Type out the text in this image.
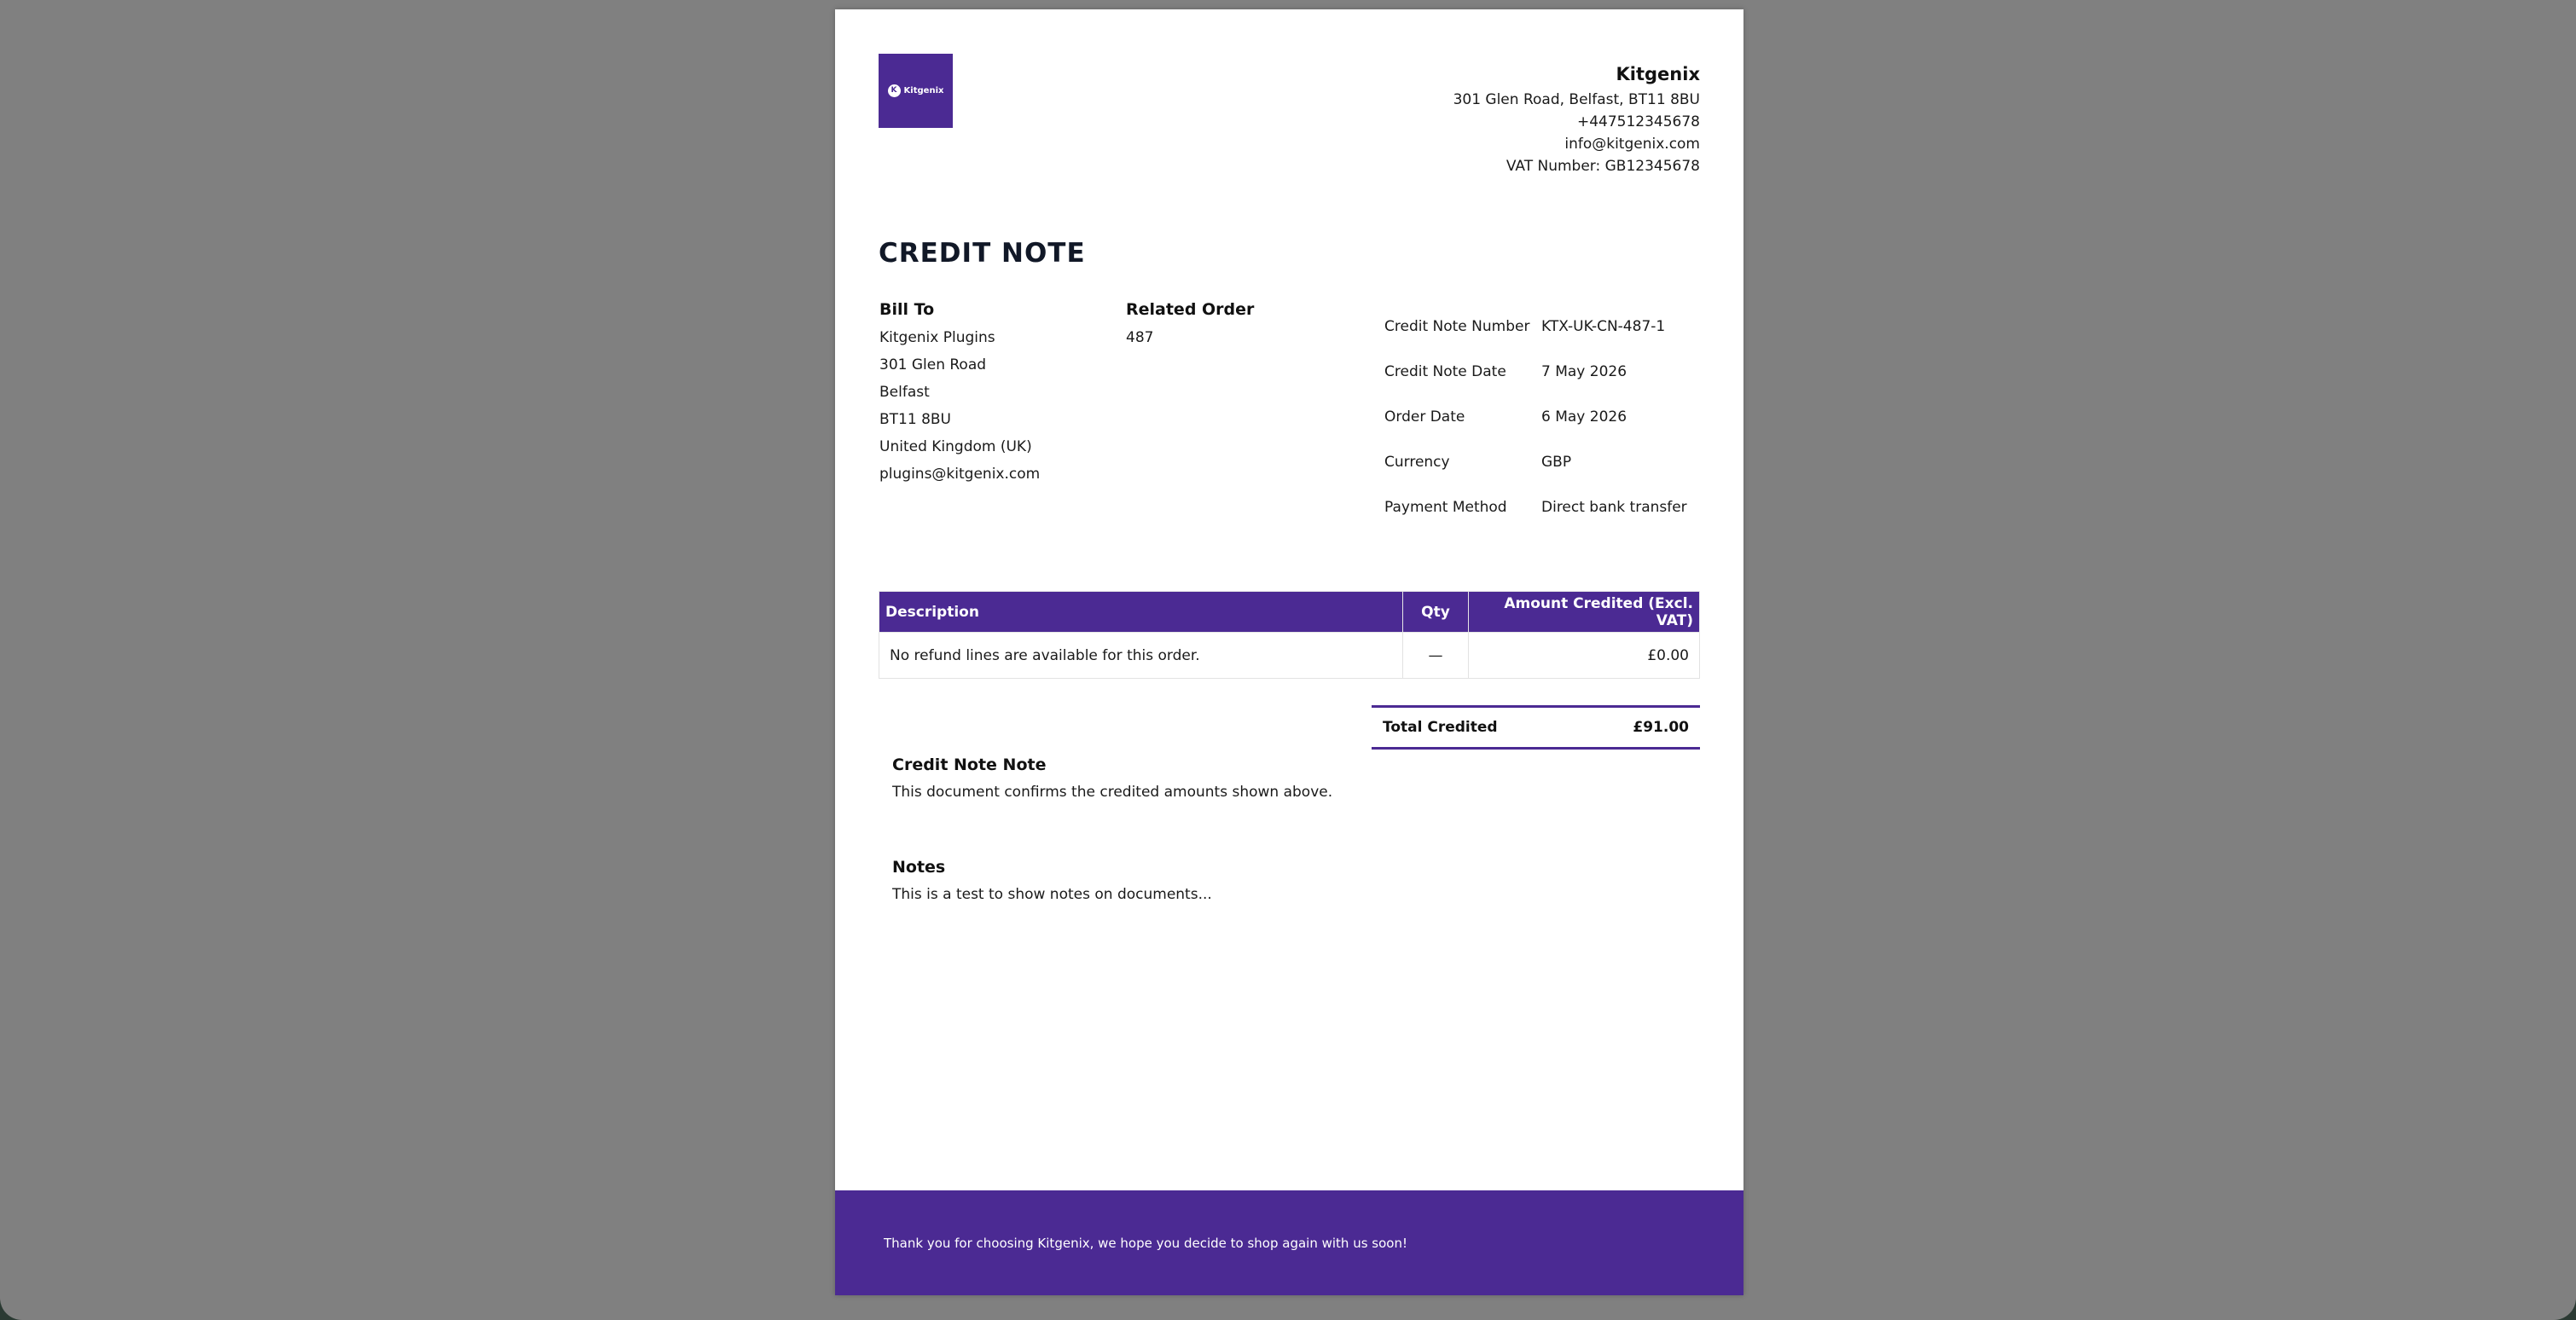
K Kitgenix
Kitgenix
301 Glen Road, Belfast, BT11 8BU
+447512345678
info@kitgenix.com
VAT Number: GB12345678
CREDIT NOTE
Bill To
Kitgenix Plugins
301 Glen Road
Belfast
BT11 8BU
United Kingdom (UK)
plugins@kitgenix.com
Related Order
487
Credit Note Number KTX-UK-CN-487-1
Credit Note Date	7 May 2026
Order Date	6 May 2026
Currency	GBP
Payment Method	Direct bank transfer
Description	Qty	Amount Credited (Excl. VAT)
No refund lines are available for this order.	—	£0.00
Total Credited	£91.00
Credit Note Note
This document confirms the credited amounts shown above.
Notes
This is a test to show notes on documents...
Thank you for choosing Kitgenix, we hope you decide to shop again with us soon!
